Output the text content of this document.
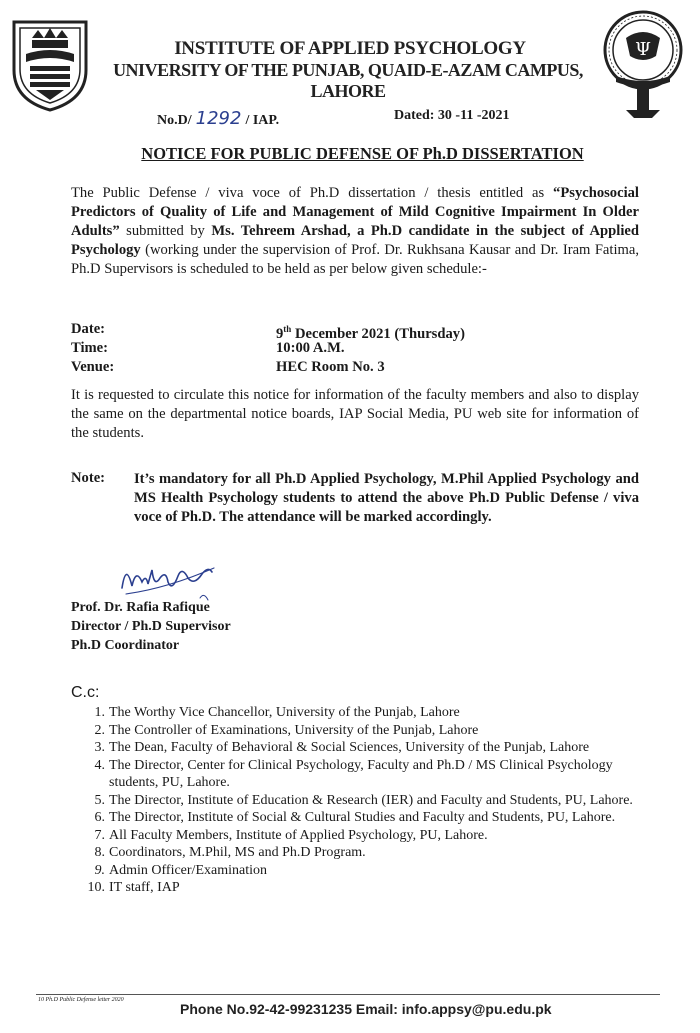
Ψ
INSTITUTE OF APPLIED PSYCHOLOGY
UNIVERSITY OF THE PUNJAB, QUAID-E-AZAM CAMPUS, LAHORE
No.D/ 1292 / IAP.	Dated: 30 -11 -2021
NOTICE FOR PUBLIC DEFENSE OF Ph.D DISSERTATION
The Public Defense / viva voce of Ph.D dissertation / thesis entitled as “Psychosocial Predictors of Quality of Life and Management of Mild Cognitive Impairment In Older Adults” submitted by Ms. Tehreem Arshad, a Ph.D candidate in the subject of Applied Psychology (working under the supervision of Prof. Dr. Rukhsana Kausar and Dr. Iram Fatima, Ph.D Supervisors is scheduled to be held as per below given schedule:-
Date:	9th December 2021 (Thursday)
Time:	10:00 A.M.
Venue:	HEC Room No. 3
It is requested to circulate this notice for information of the faculty members and also to display the same on the departmental notice boards, IAP Social Media, PU web site for information of the students.
Note: It’s mandatory for all Ph.D Applied Psychology, M.Phil Applied Psychology and MS Health Psychology students to attend the above Ph.D Public Defense / viva voce of Ph.D. The attendance will be marked accordingly.
Prof. Dr. Rafia Rafique
Director / Ph.D Supervisor
Ph.D Coordinator
C.c:
1. The Worthy Vice Chancellor, University of the Punjab, Lahore
2. The Controller of Examinations, University of the Punjab, Lahore
3. The Dean, Faculty of Behavioral & Social Sciences, University of the Punjab, Lahore
4. The Director, Center for Clinical Psychology, Faculty and Ph.D / MS Clinical Psychology students, PU, Lahore.
5. The Director, Institute of Education & Research (IER) and Faculty and Students, PU, Lahore.
6. The Director, Institute of Social & Cultural Studies and Faculty and Students, PU, Lahore.
7. All Faculty Members, Institute of Applied Psychology, PU, Lahore.
8. Coordinators, M.Phil, MS and Ph.D Program.
9. Admin Officer/Examination
10. IT staff, IAP
10 Ph.D Public Defense letter 2020
Phone No.92-42-99231235 Email: info.appsy@pu.edu.pk
